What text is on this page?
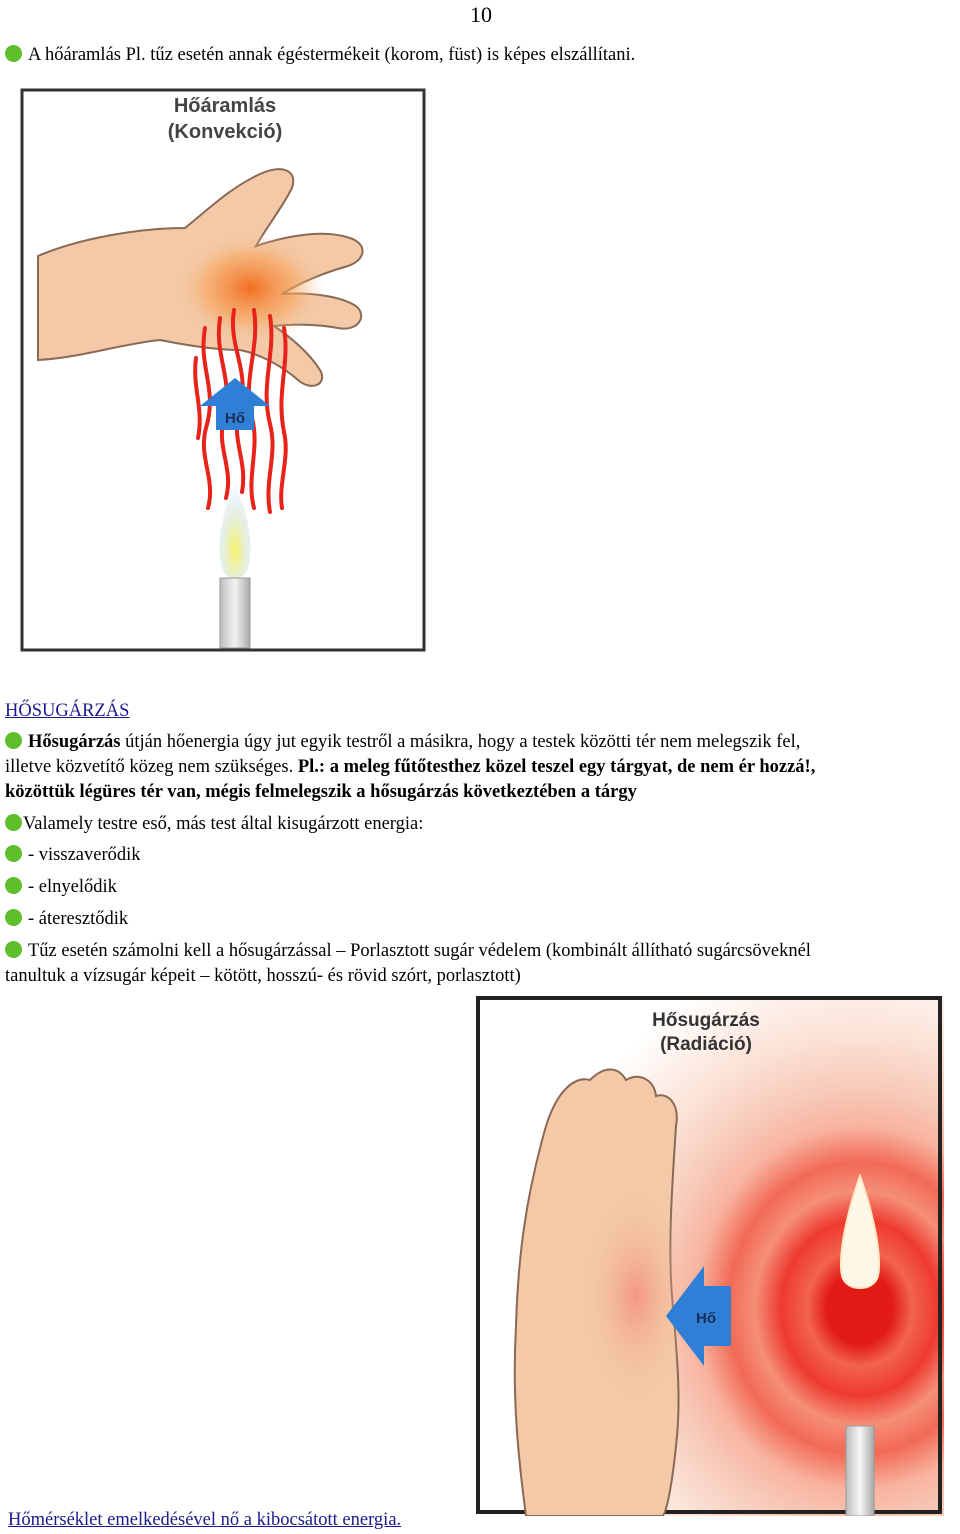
10
A hőáramlás Pl. tűz esetén annak égéstermékeit (korom, füst) is képes elszállítani.
Hőáramlás
(Konvekció)
Hő
HŐSUGÁRZÁS
Hősugárzás útján hőenergia úgy jut egyik testről a másikra, hogy a testek közötti tér nem melegszik fel,
illetve közvetítő közeg nem szükséges. Pl.: a meleg fűtőtesthez közel teszel egy tárgyat, de nem ér hozzá!,
közöttük légüres tér van, mégis felmelegszik a hősugárzás következtében a tárgy
Valamely testre eső, más test által kisugárzott energia:
- visszaverődik
- elnyelődik
- áteresztődik
Tűz esetén számolni kell a hősugárzással – Porlasztott sugár védelem (kombinált állítható sugárcsöveknél
tanultuk a vízsugár képeit – kötött, hosszú- és rövid szórt, porlasztott)
Hősugárzás
(Radiáció)
Hő
Hőmérséklet emelkedésével nő a kibocsátott energia.
